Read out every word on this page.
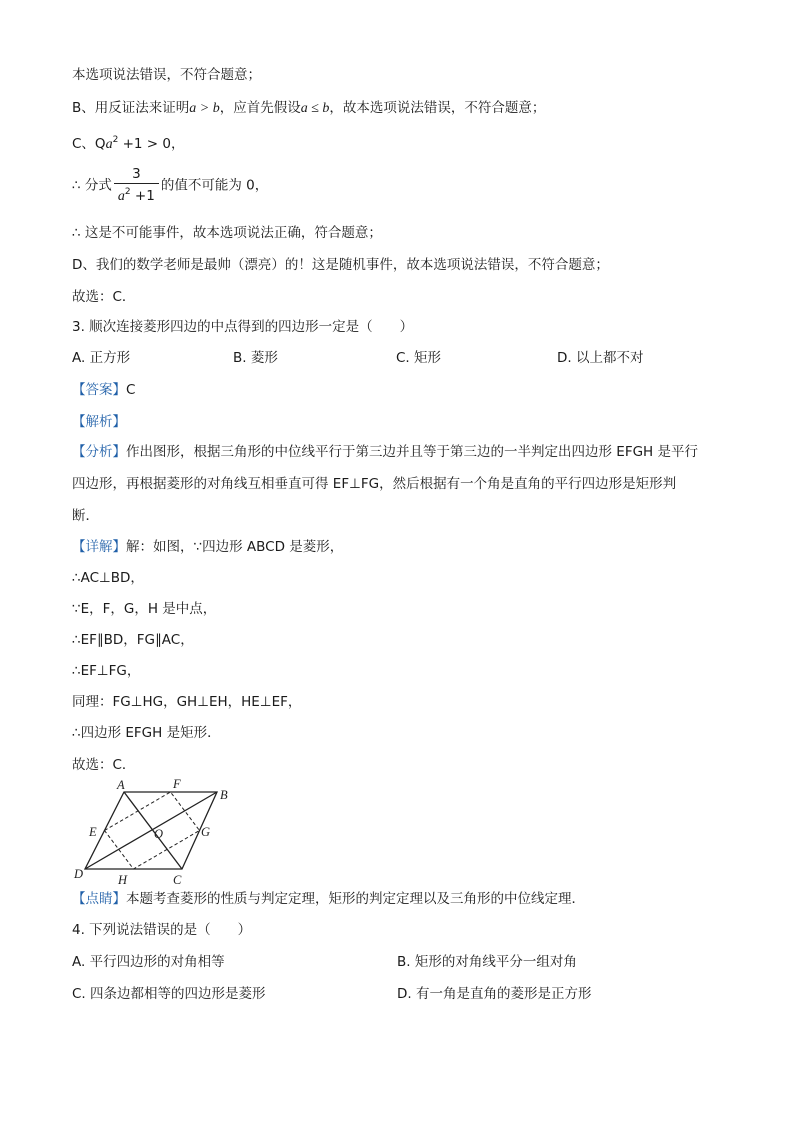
本选项说法错误，不符合题意；
B、用反证法来证明a > b，应首先假设a ≤ b，故本选项说法错误，不符合题意；
C、$Qa^2 +1 > 0$，
∴ 分式 $\frac{3}{a^2 +1}$ 的值不可能为 0，
∴ 这是不可能事件，故本选项说法正确，符合题意；
D、我们的数学老师是最帅（漂亮）的！这是随机事件，故本选项说法错误，不符合题意；
故选：C．
3. 顺次连接菱形四边的中点得到的四边形一定是（　　）
A. 正方形	B. 菱形	C. 矩形	D. 以上都不对
【答案】C
【解析】
【分析】作出图形，根据三角形的中位线平行于第三边并且等于第三边的一半判定出四边形 EFGH 是平行
四边形，再根据菱形的对角线互相垂直可得 EF⊥FG，然后根据有一个角是直角的平行四边形是矩形判
断．
【详解】解：如图，∵四边形 ABCD 是菱形，
∴AC⊥BD，
∵E，F，G，H 是中点，
∴EF∥BD，FG∥AC，
∴EF⊥FG，
同理：FG⊥HG，GH⊥EH，HE⊥EF，
∴四边形 EFGH 是矩形．
故选：C．
A	F
B
E	O	G
D	H	C
【点睛】本题考查菱形的性质与判定定理，矩形的判定定理以及三角形的中位线定理．
4. 下列说法错误的是（　　）
A. 平行四边形的对角相等	B. 矩形的对角线平分一组对角
C. 四条边都相等的四边形是菱形	D. 有一角是直角的菱形是正方形
